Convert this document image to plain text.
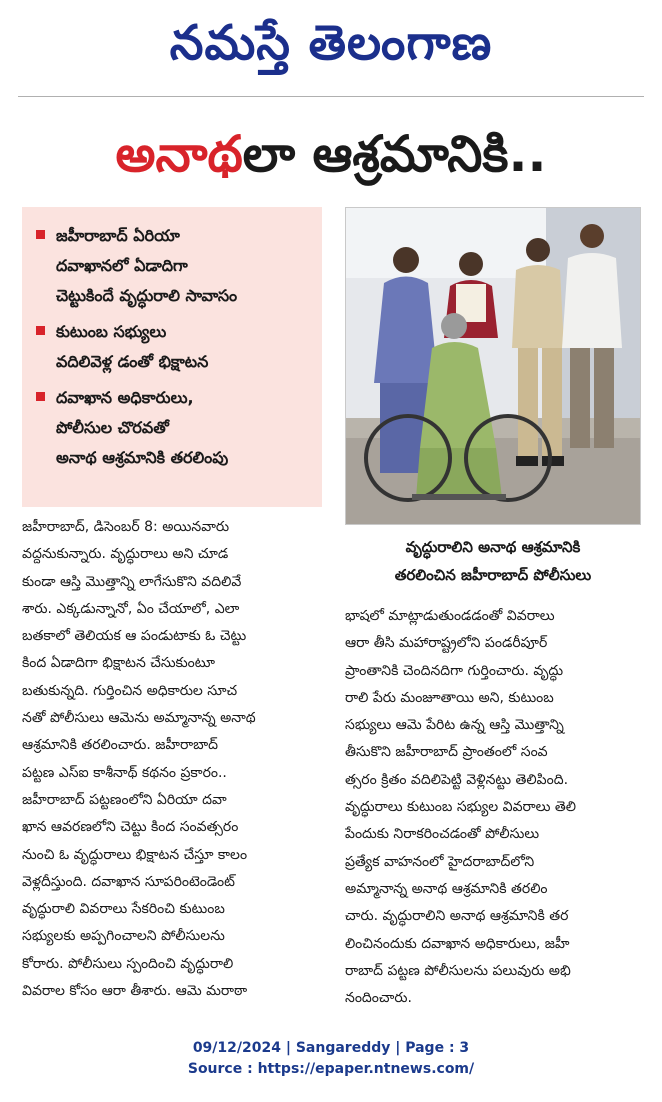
నమస్తే తెలంగాణ
అనాథలా ఆశ్రమానికి..
జహీరాబాద్ ఏరియా
దవాఖానలో ఏడాదిగా
చెట్టుకిందే వృద్ధురాలి సావాసం
కుటుంబ సభ్యులు
వదిలివెళ్ల డంతో భిక్షాటన
దవాఖాన అధికారులు,
పోలీసుల చొరవతో
అనాథ ఆశ్రమానికి తరలింపు
వృద్ధురాలిని అనాథ ఆశ్రమానికి
తరలించిన జహీరాబాద్ పోలీసులు
జహీరాబాద్, డిసెంబర్ 8: అయినవారు
వద్దనుకున్నారు. వృద్ధురాలు అని చూడ
కుండా ఆస్తి మొత్తాన్ని లాగేసుకొని వదిలివే
శారు. ఎక్కడున్నానో, ఏం చేయాలో, ఎలా
బతకాలో తెలియక ఆ పండుటాకు ఓ చెట్టు
కింద ఏడాదిగా భిక్షాటన చేసుకుంటూ
బతుకున్నది. గుర్తించిన అధికారుల సూచ
నతో పోలీసులు ఆమెను అమ్మానాన్న అనాథ
ఆశ్రమానికి తరలించారు. జహీరాబాద్
పట్టణ ఎస్ఐ కాశీనాథ్ కథనం ప్రకారం..
జహీరాబాద్ పట్టణంలోని ఏరియా దవా
ఖాన ఆవరణలోని చెట్టు కింద సంవత్సరం
నుంచి ఓ వృద్ధురాలు భిక్షాటన చేస్తూ కాలం
వెళ్లదీస్తుంది. దవాఖాన సూపరింటెండెంట్
వృద్ధురాలి వివరాలు సేకరించి కుటుంబ
సభ్యులకు అప్పగించాలని పోలీసులను
కోరారు. పోలీసులు స్పందించి వృద్ధురాలి
వివరాల కోసం ఆరా తీశారు. ఆమె మరాఠా
భాషలో మాట్లాడుతుండడంతో వివరాలు
ఆరా తీసి మహారాష్ట్రలోని పండరీపూర్
ప్రాంతానికి చెందినదిగా గుర్తించారు. వృద్ధు
రాలి పేరు మంజూతాయి అని, కుటుంబ
సభ్యులు ఆమె పేరిట ఉన్న ఆస్తి మొత్తాన్ని
తీసుకొని జహీరాబాద్ ప్రాంతంలో సంవ
త్సరం క్రితం వదిలిపెట్టి వెళ్లినట్టు తెలిపింది.
వృద్ధురాలు కుటుంబ సభ్యుల వివరాలు తెలి
పేందుకు నిరాకరించడంతో పోలీసులు
ప్రత్యేక వాహనంలో హైదరాబాద్‌లోని
అమ్మానాన్న అనాథ ఆశ్రమానికి తరలిం
చారు. వృద్ధురాలిని అనాథ ఆశ్రమానికి తర
లించినందుకు దవాఖాన అధికారులు, జహీ
రాబాద్ పట్టణ పోలీసులను పలువురు అభి
నందించారు.
09/12/2024 | Sangareddy | Page : 3
Source : https://epaper.ntnews.com/
